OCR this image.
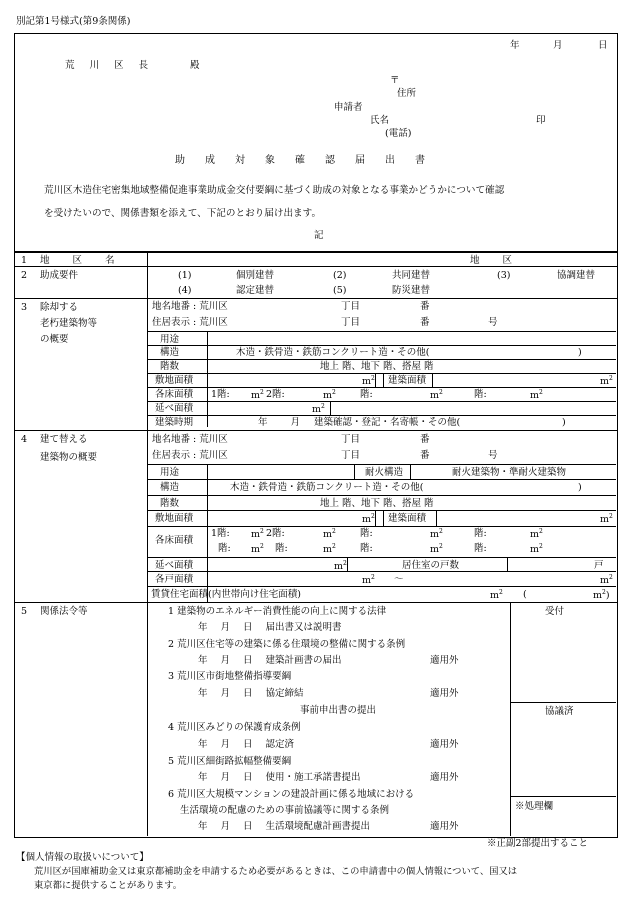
別記第1号様式(第9条関係)
年	月	日
荒 川 区 長	殿
〒
住所
申請者
氏名	印
(電話)
助成対象確認届出書
荒川区木造住宅密集地域整備促進事業助成金交付要綱に基づく助成の対象となる事業かどうかについて確認
を受けたいので、関係書類を添えて、下記のとおり届け出ます。
記
1 地 区 名	地 区
2 助成要件	(1)	個別建替	(2)	共同建替	(3)	協調建替
(4)	認定建替	(5)	防災建替
3 除却する
老朽建築物等
の概要
地名地番 : 荒川区	丁目	番
住居表示 : 荒川区	丁目	番	号
用途
構造	木造・鉄骨造・鉄筋コンクリート造・その他(	)
階数	地上 階、地下 階、搭屋 階
敷地面積	$m^2$ 建築面積	$m^2$
各床面積 1階: $m^2$ 2階:	$m^2$	階:	$m^2$	階:	$m^2$
延べ面積	$m^2$
建築時期	年 月 建築確認・登記・名寄帳・その他(	)
4 建て替える
建築物の概要
地名地番 : 荒川区	丁目	番
住居表示 : 荒川区	丁目	番	号
用途	耐火構造	耐火建築物・準耐火建築物
構造	木造・鉄骨造・鉄筋コンクリート造・その他(	)
階数	地上 階、地下 階、搭屋 階
敷地面積	$m^2$ 建築面積	$m^2$
各床面積
1階: $m^2$ 2階:	$m^2$	階:	$m^2$	階:	$m^2$
階: $m^2$ 階:	$m^2$	階:	$m^2$	階:	$m^2$
延べ面積	$m^2$	居住室の戸数	戸
各戸面積	$m^2$ 〜	$m^2$
賃貸住宅面積(内世帯向け住宅面積)	$m^2$ (	$m^2$)
5 関係法令等	受付
協議済
※処理欄
1 建築物のエネルギー消費性能の向上に関する法律
年 月 日 届出書又は説明書
2 荒川区住宅等の建築に係る住環境の整備に関する条例
年 月 日 建築計画書の届出	適用外
3 荒川区市街地整備指導要綱
年 月 日 協定締結	適用外
事前申出書の提出
4 荒川区みどりの保護育成条例
年 月 日 認定済	適用外
5 荒川区細街路拡幅整備要綱
年 月 日 使用・施工承諾書提出	適用外
6 荒川区大規模マンションの建設計画に係る地域における
生活環境の配慮のための事前協議等に関する条例
年 月 日 生活環境配慮計画書提出	適用外
※正副2部提出すること
【個人情報の取扱いについて】
荒川区が国庫補助金又は東京都補助金を申請するため必要があるときは、この申請書中の個人情報について、国又は
東京都に提供することがあります。
